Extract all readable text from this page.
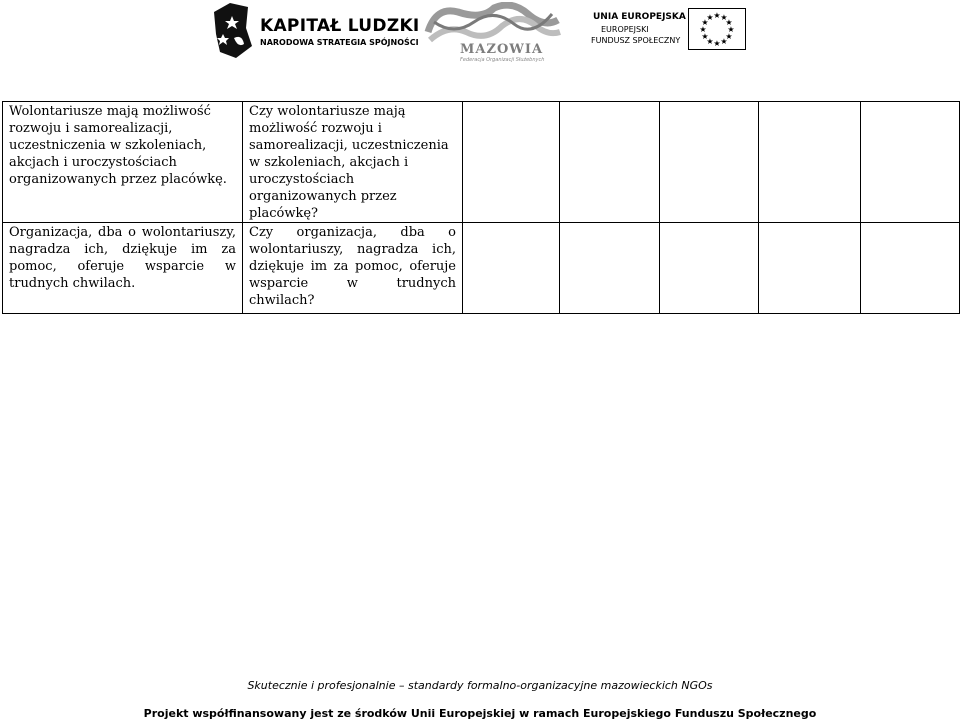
KAPITAŁ LUDZKI
NARODOWA STRATEGIA SPÓJNOŚCI	MAZOWIA
Federacja Organizacji Służebnych
UNIA EUROPEJSKA
EUROPEJSKI
FUNDUSZ SPOŁECZNY
★ ★
★
★
★
★
★
★
★
★
★
★
Wolontariusze mają możliwość rozwoju i samorealizacji, uczestniczenia w szkoleniach, akcjach i uroczystościach organizowanych przez placówkę.	Czy wolontariusze mają możliwość rozwoju i samorealizacji, uczestniczenia w szkoleniach, akcjach i uroczystościach organizowanych przez placówkę?					
Organizacja, dba o wolontariuszy, nagradza ich, dziękuje im za pomoc, oferuje wsparcie w trudnych chwilach.	Czy organizacja, dba o wolontariuszy, nagradza ich, dziękuje im za pomoc, oferuje wsparcie w trudnych chwilach?					
Skutecznie i profesjonalnie – standardy formalno-organizacyjne mazowieckich NGOs
Projekt współfinansowany jest ze środków Unii Europejskiej w ramach Europejskiego Funduszu Społecznego
